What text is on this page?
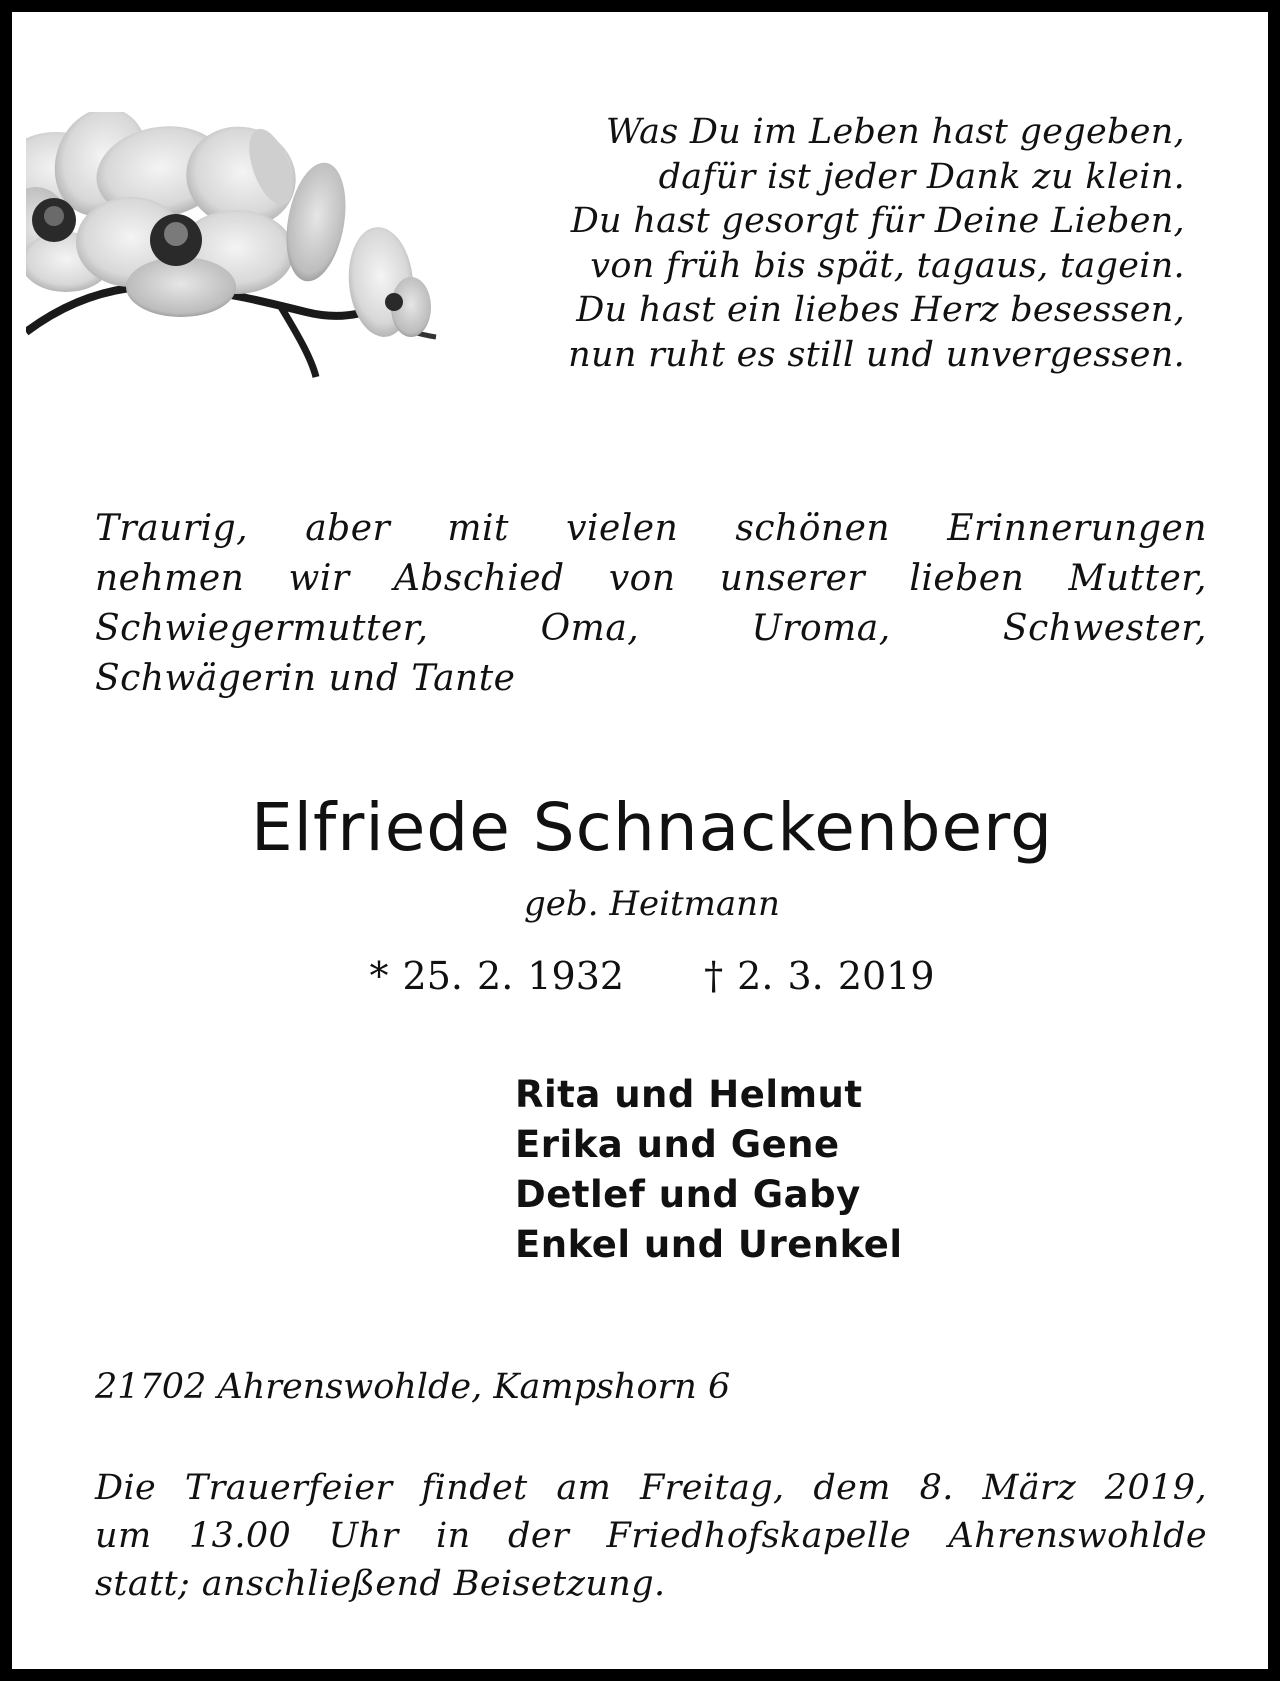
Was Du im Leben hast gegeben,
dafür ist jeder Dank zu klein.
Du hast gesorgt für Deine Lieben,
von früh bis spät, tagaus, tagein.
Du hast ein liebes Herz besessen,
nun ruht es still und unvergessen.
Traurig, aber mit vielen schönen Erinnerungen
nehmen wir Abschied von unserer lieben Mutter,
Schwiegermutter, Oma, Uroma, Schwester,
Schwägerin und Tante
Elfriede Schnackenberg
geb. Heitmann
* 25. 2. 1932 † 2. 3. 2019
Rita und Helmut
Erika und Gene
Detlef und Gaby
Enkel und Urenkel
21702 Ahrenswohlde, Kampshorn 6
Die Trauerfeier findet am Freitag, dem 8. März 2019,
um 13.00 Uhr in der Friedhofskapelle Ahrenswohlde
statt; anschließend Beisetzung.
